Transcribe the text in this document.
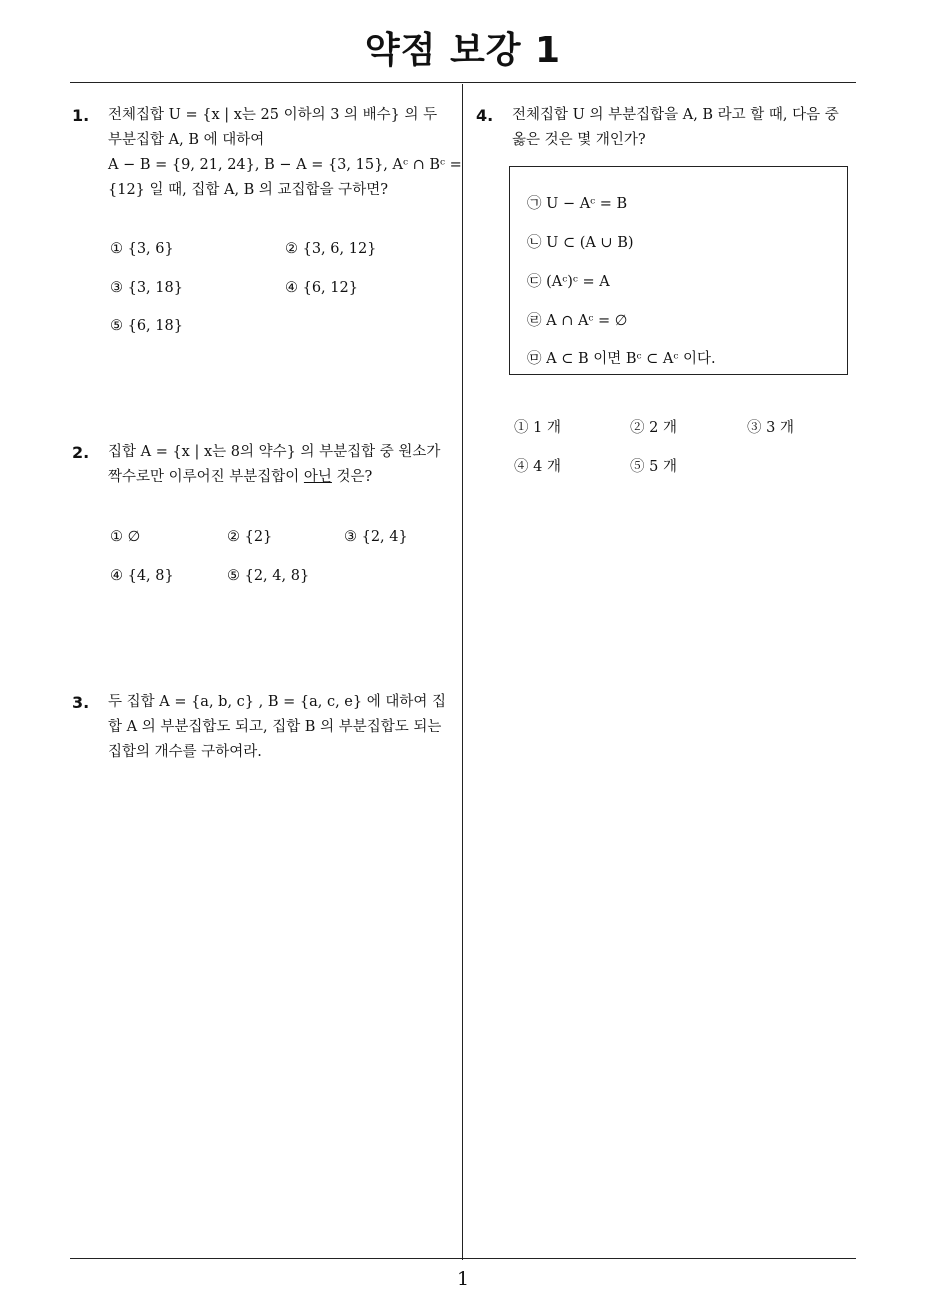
약점 보강 1
1
1. 전체집합 U = {x | x는 25 이하의 3 의 배수} 의 두
부분집합 A, B 에 대하여
A − B = {9, 21, 24}, B − A = {3, 15}, Aᶜ ∩ Bᶜ =
{12} 일 때, 집합 A, B 의 교집합을 구하면?
① {3, 6}	② {3, 6, 12}
③ {3, 18}	④ {6, 12}
⑤ {6, 18}
2. 집합 A = {x | x는 8의 약수} 의 부분집합 중 원소가
짝수로만 이루어진 부분집합이 아닌 것은?
① ∅	② {2}	③ {2, 4}
④ {4, 8}	⑤ {2, 4, 8}
3. 두 집합 A = {a, b, c} , B = {a, c, e} 에 대하여 집
합 A 의 부분집합도 되고, 집합 B 의 부분집합도 되는
집합의 개수를 구하여라.
4. 전체집합 U 의 부분집합을 A, B 라고 할 때, 다음 중
옳은 것은 몇 개인가?
㉠ U − Aᶜ = B
㉡ U ⊂ (A ∪ B)
㉢ (Aᶜ)ᶜ = A
㉣ A ∩ Aᶜ = ∅
㉤ A ⊂ B 이면 Bᶜ ⊂ Aᶜ 이다.
① 1 개	② 2 개	③ 3 개
④ 4 개	⑤ 5 개
